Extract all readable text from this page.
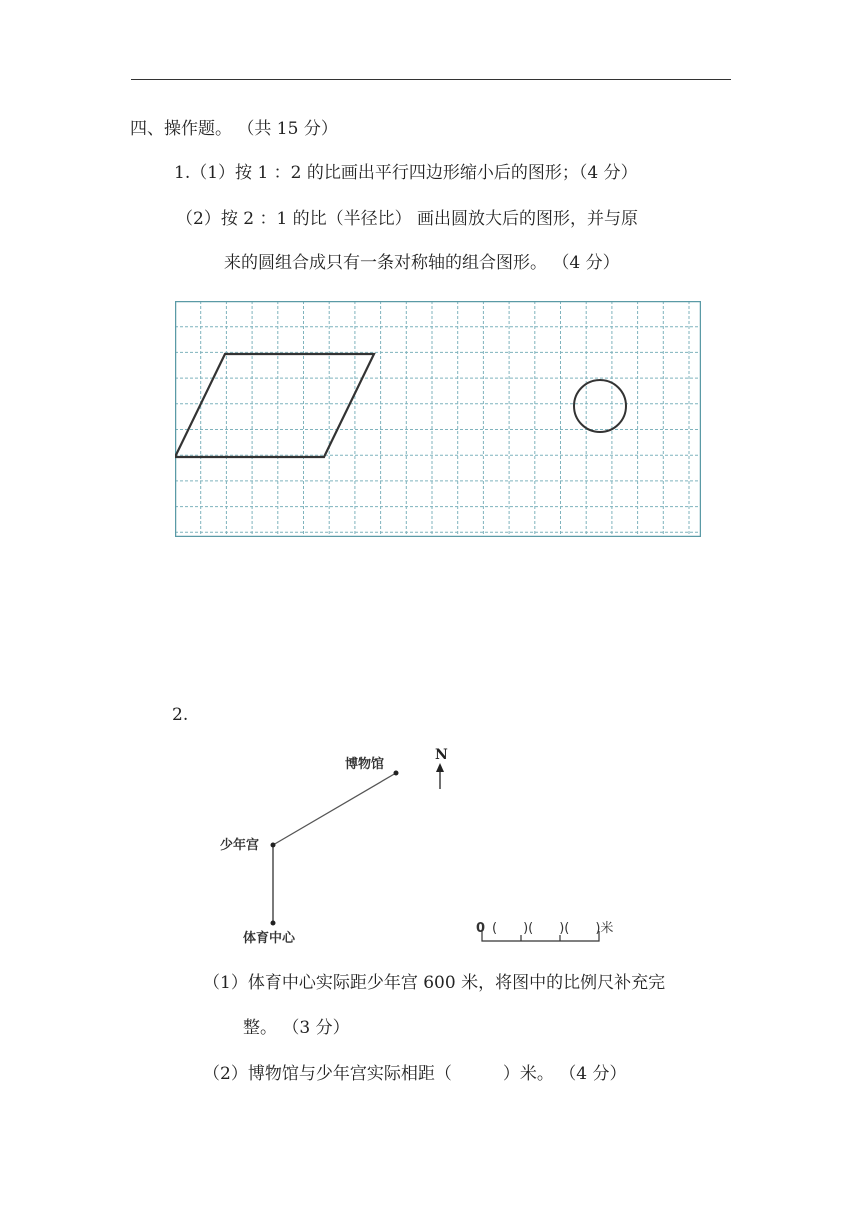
四、操作题。 （共 15 分）
1.（1）按 1 ：2 的比画出平行四边形缩小后的图形；（4 分）
（2）按 2 ：1 的比（半径比） 画出圆放大后的图形，并与原
来的圆组合成只有一条对称轴的组合图形。 （4 分）
2.
博物馆
少年宫
体育中心
N
0 (　　)(　　)(　　)米
（1）体育中心实际距少年宫 600 米，将图中的比例尺补充完
整。 （3 分）
（2）博物馆与少年宫实际相距（　　　）米。 （4 分）
